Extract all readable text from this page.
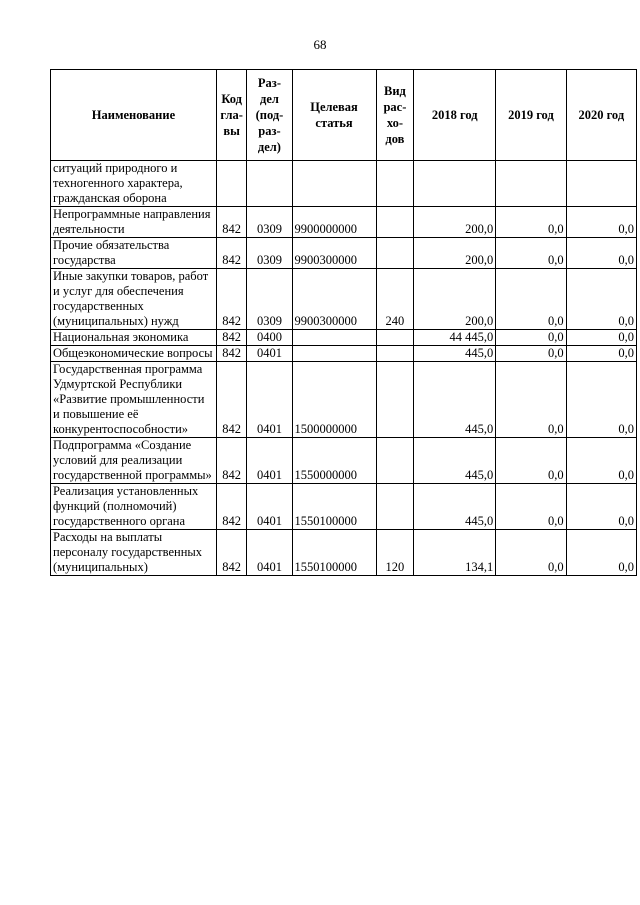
68
Наименование	Код гла-вы	Раз-дел (под-раз-дел)	Целевая статья	Вид рас-хо-дов	2018 год	2019 год	2020 год
ситуаций природного и техногенного характера, гражданская оборона							
Непрограммные направления деятельности	842	0309	9900000000		200,0	0,0	0,0
Прочие обязательства государства	842	0309	9900300000		200,0	0,0	0,0
Иные закупки товаров, работ и услуг для обеспечения государственных (муниципальных) нужд	842	0309	9900300000	240	200,0	0,0	0,0
Национальная экономика	842	0400			44 445,0	0,0	0,0
Общеэкономические вопросы	842	0401			445,0	0,0	0,0
Государственная программа Удмуртской Республики «Развитие промышленности и повышение её конкурентоспособности»	842	0401	1500000000		445,0	0,0	0,0
Подпрограмма «Создание условий для реализации государственной программы»	842	0401	1550000000		445,0	0,0	0,0
Реализация установленных функций (полномочий) государственного органа	842	0401	1550100000		445,0	0,0	0,0
Расходы на выплаты персоналу государственных (муниципальных)	842	0401	1550100000	120	134,1	0,0	0,0
